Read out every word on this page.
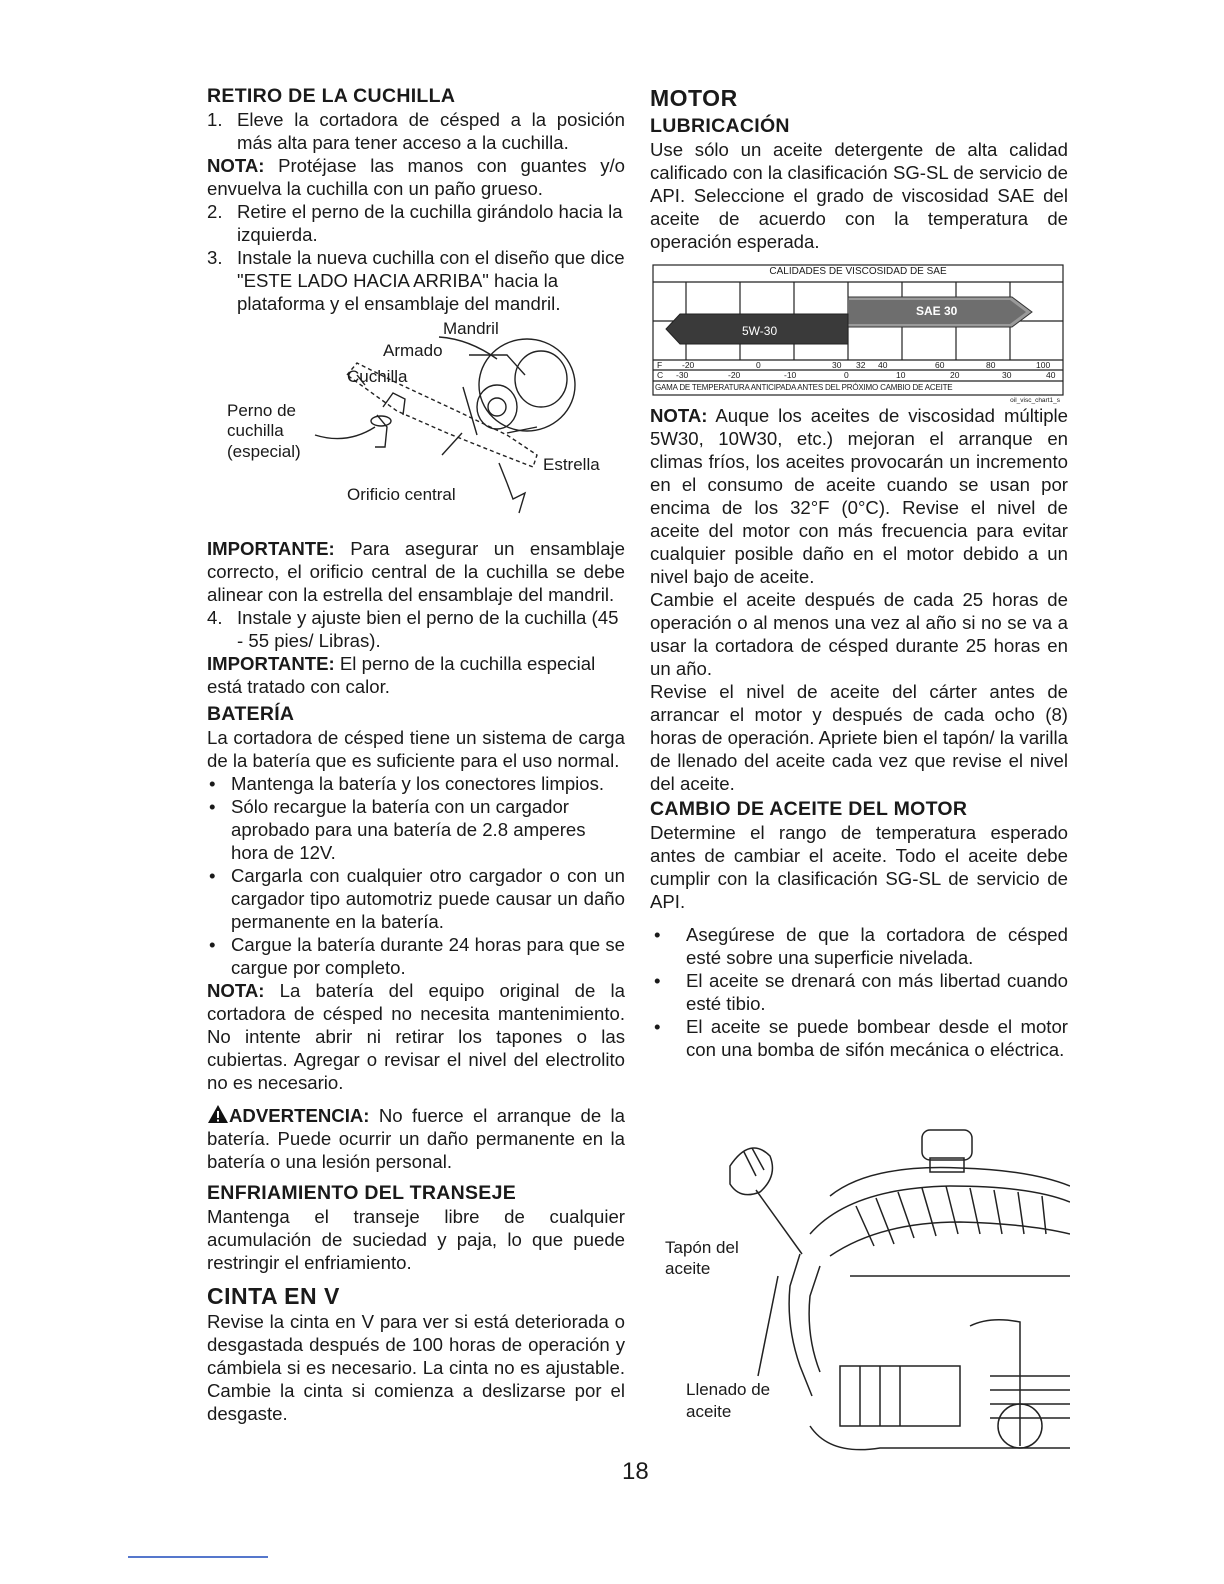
RETIRO DE LA CUCHILLA

1. Eleve la cortadora de césped a la posición más alta para tener acceso a la cuchilla.

NOTA: Protéjase las manos con guantes y/o envuelva la cuchilla con un paño grueso.

2. Retire el perno de la cuchilla girándolo hacia la izquierda.
3. Instale la nueva cuchilla con el diseño que dice "ESTE LADO HACIA ARRIBA" hacia la plataforma y el ensamblaje del mandril.
Mandril
Armado
Cuchilla
Perno de
cuchilla
(especial)
Estrella
Orificio central

IMPORTANTE: Para asegurar un ensamblaje correcto, el orificio central de la cuchilla se debe alinear con la estrella del ensamblaje del mandril.

4. Instale y ajuste bien el perno de la cuchilla (45 - 55 pies/ Libras).

IMPORTANTE: El perno de la cuchilla especial está tratado con calor.

BATERÍA

La cortadora de césped tiene un sistema de carga de la batería que es suficiente para el uso normal.

• Mantenga la batería y los conectores limpios.
• Sólo recargue la batería con un cargador aprobado para una batería de 2.8 amperes hora de 12V.
• Cargarla con cualquier otro cargador o con un cargador tipo automotriz puede causar un daño permanente en la batería.
• Cargue la batería durante 24 horas para que se cargue por completo.

NOTA: La batería del equipo original de la cortadora de césped no necesita mantenimiento. No intente abrir ni retirar los tapones o las cubiertas. Agregar o revisar el nivel del electrolito no es necesario.

ADVERTENCIA: No fuerce el arranque de la batería. Puede ocurrir un daño permanente en la batería o una lesión personal.

ENFRIAMIENTO DEL TRANSEJE

Mantenga el transeje libre de cualquier acumulación de suciedad y paja, lo que puede restringir el enfriamiento.

CINTA EN V

Revise la cinta en V para ver si está deteriorada o desgastada después de 100 horas de operación y cámbiela si es necesario. La cinta no es ajustable. Cambie la cinta si comienza a deslizarse por el desgaste.

MOTOR

LUBRICACIÓN

Use sólo un aceite detergente de alta calidad calificado con la clasificación SG-SL de servicio de API. Seleccione el grado de viscosidad SAE del aceite de acuerdo con la temperatura de operación esperada.

CALIDADES DE VISCOSIDAD DE SAE
SAE 30
5W-30
F -20	0	30 32 40	60	80	100
C -30	-20	-10	0	10	20	30	40
GAMA DE TEMPERATURA ANTICIPADA ANTES DEL PRÓXIMO CAMBIO DE ACEITE
oil_visc_chart1_s

NOTA: Auque los aceites de viscosidad múltiple 5W30, 10W30, etc.) mejoran el arranque en climas fríos, los aceites provocarán un incremento en el consumo de aceite cuando se usan por encima de los 32°F (0°C). Revise el nivel de aceite del motor con más frecuencia para evitar cualquier posible daño en el motor debido a un nivel bajo de aceite.

Cambie el aceite después de cada 25 horas de operación o al menos una vez al año si no se va a usar la cortadora de césped durante 25 horas en un año.

Revise el nivel de aceite del cárter antes de arrancar el motor y después de cada ocho (8) horas de operación. Apriete bien el tapón/ la varilla de llenado del aceite cada vez que revise el nivel del aceite.

CAMBIO DE ACEITE DEL MOTOR

Determine el rango de temperatura esperado antes de cambiar el aceite. Todo el aceite debe cumplir con la clasificación SG-SL de servicio de API.

•	Asegúrese de que la cortadora de césped esté sobre una superficie nivelada.
•	El aceite se drenará con más libertad cuando esté tibio.
•	El aceite se puede bombear desde el motor con una bomba de sifón mecánica o eléctrica.
Tapón del
aceite
Llenado de
aceite
18
